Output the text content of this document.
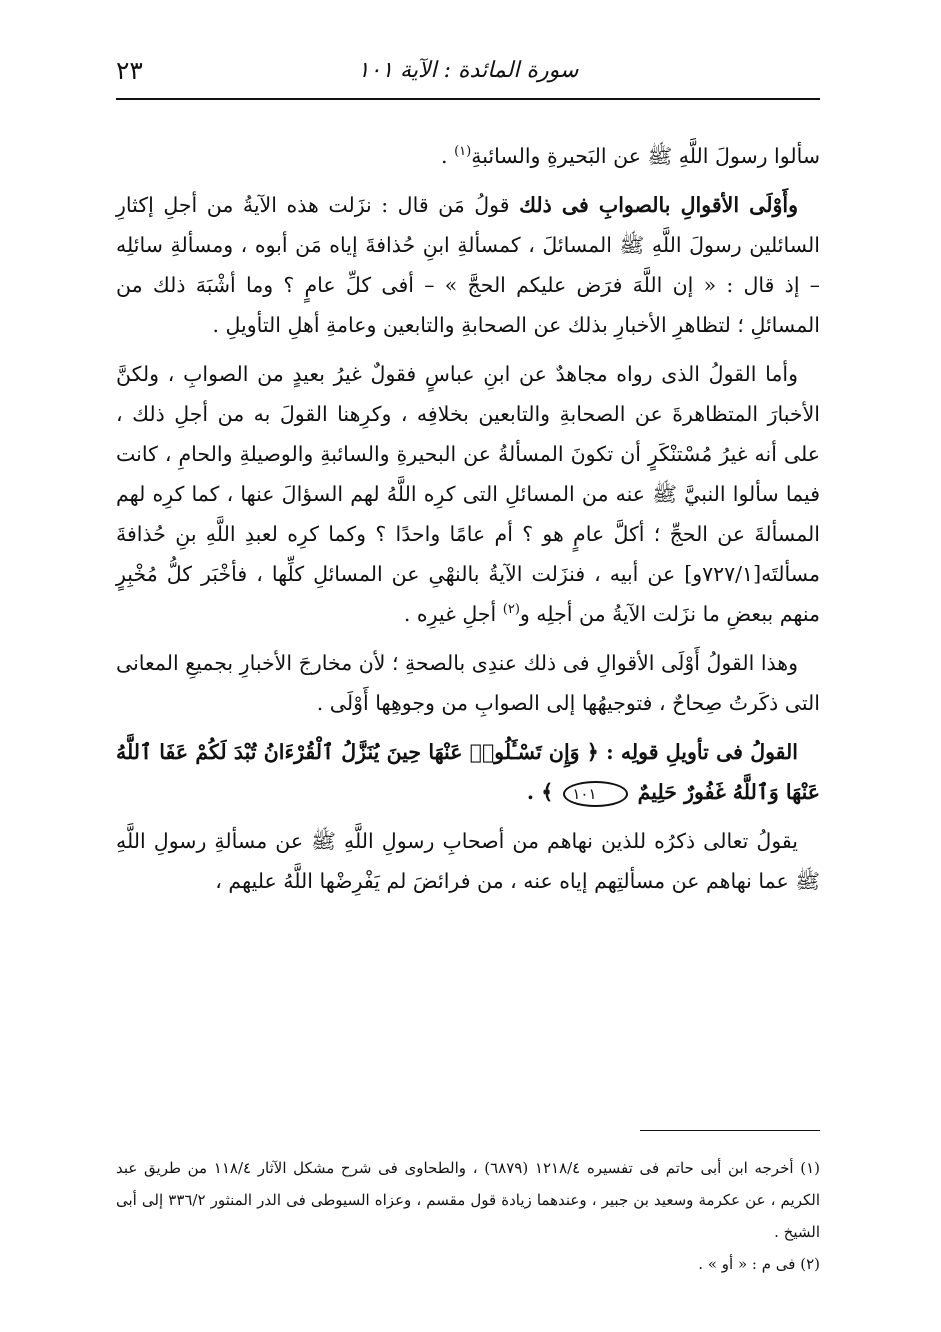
سورة المائدة : الآية ١٠١
٢٣

سألوا رسولَ اللَّهِ ﷺ عن البَحيرةِ والسائبةِ$^{(١)}$ .

وأَوْلَى الأقوالِ بالصوابِ فى ذلك قولُ مَن قال : نزَلت هذه الآيةُ من أجلِ إكثارِ السائلين رسولَ اللَّهِ ﷺ المسائلَ ، كمسألةِ ابنِ حُذافةَ إياه مَن أبوه ، ومسألةِ سائلِه – إذ قال : « إن اللَّهَ فرَض عليكم الحجَّ » – أفى كلِّ عامٍ ؟ وما أشْبَهَ ذلك من المسائلِ ؛ لتظاهرِ الأخبارِ بذلك عن الصحابةِ والتابعين وعامةِ أهلِ التأويلِ .

وأما القولُ الذى رواه مجاهدٌ عن ابنِ عباسٍ فقولٌ غيرُ بعيدٍ من الصوابِ ، ولكنَّ الأخبارَ المتظاهرةَ عن الصحابةِ والتابعين بخلافِه ، وكرِهنا القولَ به من أجلِ ذلك ، على أنه غيرُ مُسْتنْكَرٍ أن تكونَ المسألةُ عن البحيرةِ والسائبةِ والوصيلةِ والحامِ ، كانت فيما سألوا النبيَّ ﷺ عنه من المسائلِ التى كرِه اللَّهُ لهم السؤالَ عنها ، كما كرِه لهم المسألةَ عن الحجِّ ؛ أكلَّ عامٍ هو ؟ أم عامًا واحدًا ؟ وكما كرِه لعبدِ اللَّهِ بنِ حُذافةَ مسألتَه[٧٢٧/١و] عن أبيه ، فنزَلت الآيةُ بالنهْىِ عن المسائلِ كلِّها ، فأخْبَر كلُّ مُخْبِرٍ منهم ببعضِ ما نزَلت الآيةُ من أجلِه و$^{(٢)}$ أجلِ غيرِه .

وهذا القولُ أَوْلَى الأقوالِ فى ذلك عندِى بالصحةِ ؛ لأن مخارجَ الأخبارِ بجميعِ المعانى التى ذكَرتُ صِحاحٌ ، فتوجيهُها إلى الصوابِ من وجوهِها أَوْلَى .

القولُ فى تأويلِ قولِه : ﴿ وَإِن تَسْـَٔلُوا۟ عَنْهَا حِينَ يُنَزَّلُ ٱلْقُرْءَانُ تُبْدَ لَكُمْ عَفَا ٱللَّهُ عَنْهَا وَٱللَّهُ غَفُورٌ حَلِيمٌ ١٠١ ﴾ .

يقولُ تعالى ذكرُه للذين نهاهم من أصحابِ رسولِ اللَّهِ ﷺ عن مسألةِ رسولِ اللَّهِ ﷺ عما نهاهم عن مسألتِهم إياه عنه ، من فرائضَ لم يَفْرِضْها اللَّهُ عليهم ،

(١) أخرجه ابن أبى حاتم فى تفسيره ١٢١٨/٤ (٦٨٧٩) ، والطحاوى فى شرح مشكل الآثار ١١٨/٤ من طريق عبد الكريم ، عن عكرمة وسعيد بن جبير ، وعندهما زيادة قول مقسم ، وعزاه السيوطى فى الدر المنثور ٣٣٦/٢ إلى أبى الشيخ .

(٢) فى م : « أو » .
